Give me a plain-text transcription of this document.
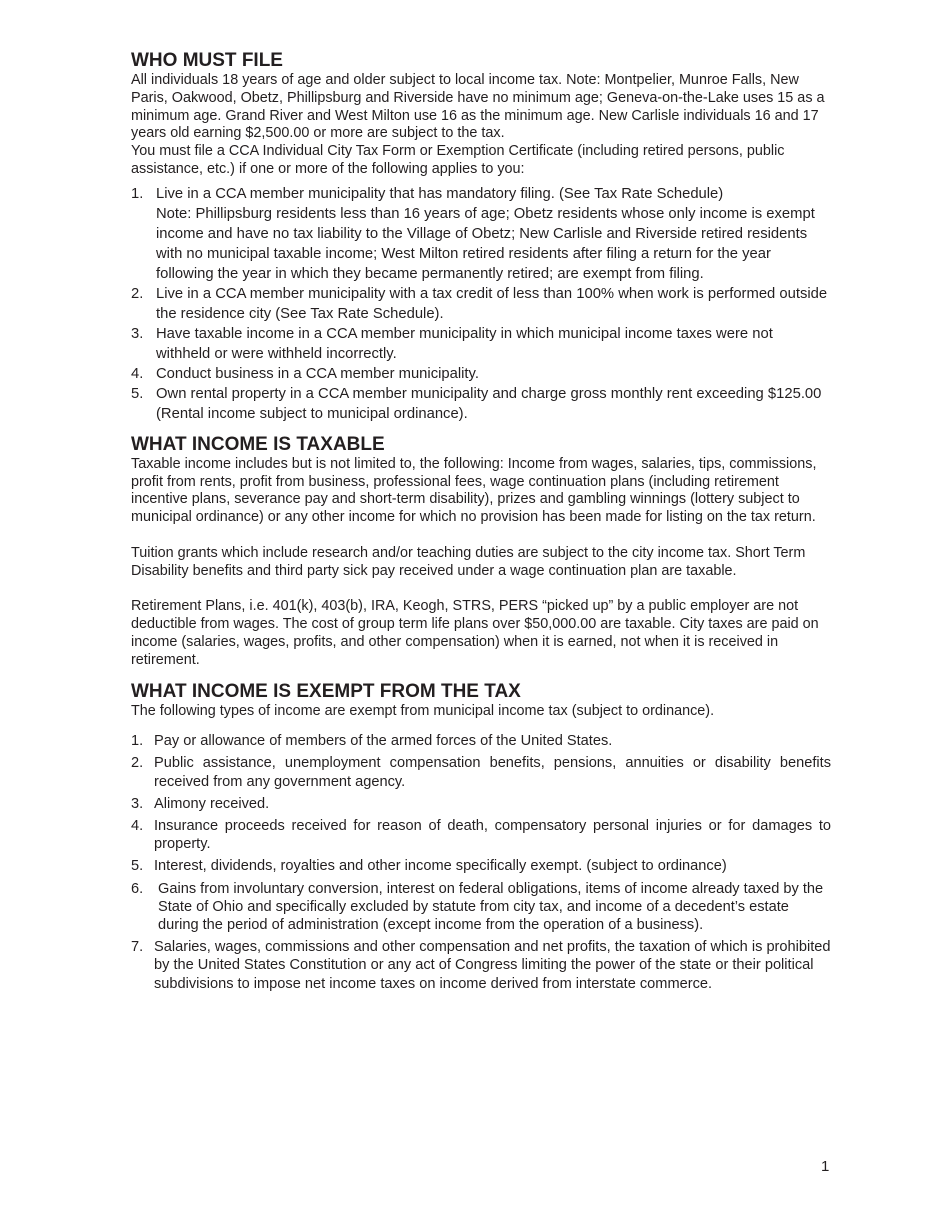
WHO MUST FILE

All individuals 18 years of age and older subject to local income tax. Note: Montpelier, Munroe Falls, New Paris, Oakwood, Obetz, Phillipsburg and Riverside have no minimum age; Geneva-on-the-Lake uses 15 as a minimum age. Grand River and West Milton use 16 as the minimum age. New Carlisle individuals 16 and 17 years old earning $2,500.00 or more are subject to the tax.

You must file a CCA Individual City Tax Form or Exemption Certificate (including retired persons, public assistance, etc.) if one or more of the following applies to you:

1. Live in a CCA member municipality that has mandatory filing. (See Tax Rate Schedule)
Note: Phillipsburg residents less than 16 years of age; Obetz residents whose only income is exempt income and have no tax liability to the Village of Obetz; New Carlisle and Riverside retired residents with no municipal taxable income; West Milton retired residents after filing a return for the year following the year in which they became permanently retired; are exempt from filing.
2. Live in a CCA member municipality with a tax credit of less than 100% when work is performed outside the residence city (See Tax Rate Schedule).
3. Have taxable income in a CCA member municipality in which municipal income taxes were not withheld or were withheld incorrectly.
4. Conduct business in a CCA member municipality.
5. Own rental property in a CCA member municipality and charge gross monthly rent exceeding $125.00 (Rental income subject to municipal ordinance).
WHAT INCOME IS TAXABLE

Taxable income includes but is not limited to, the following: Income from wages, salaries, tips, commissions, profit from rents, profit from business, professional fees, wage continuation plans (including retirement incentive plans, severance pay and short-term disability), prizes and gambling winnings (lottery subject to municipal ordinance) or any other income for which no provision has been made for listing on the tax return.

Tuition grants which include research and/or teaching duties are subject to the city income tax. Short Term Disability benefits and third party sick pay received under a wage continuation plan are taxable.

Retirement Plans, i.e. 401(k), 403(b), IRA, Keogh, STRS, PERS “picked up” by a public employer are not deductible from wages. The cost of group term life plans over $50,000.00 are taxable. City taxes are paid on income (salaries, wages, profits, and other compensation) when it is earned, not when it is received in retirement.

WHAT INCOME IS EXEMPT FROM THE TAX

The following types of income are exempt from municipal income tax (subject to ordinance).

1. Pay or allowance of members of the armed forces of the United States.
2. Public assistance, unemployment compensation benefits, pensions, annuities or disability benefits received from any government agency.
3. Alimony received.
4. Insurance proceeds received for reason of death, compensatory personal injuries or for damages to property.
5. Interest, dividends, royalties and other income specifically exempt. (subject to ordinance)
6. Gains from involuntary conversion, interest on federal obligations, items of income already taxed by the State of Ohio and specifically excluded by statute from city tax, and income of a decedent’s estate during the period of administration (except income from the operation of a business).
7. Salaries, wages, commissions and other compensation and net profits, the taxation of which is prohibited by the United States Constitution or any act of Congress limiting the power of the state or their political subdivisions to impose net income taxes on income derived from interstate commerce.
1
